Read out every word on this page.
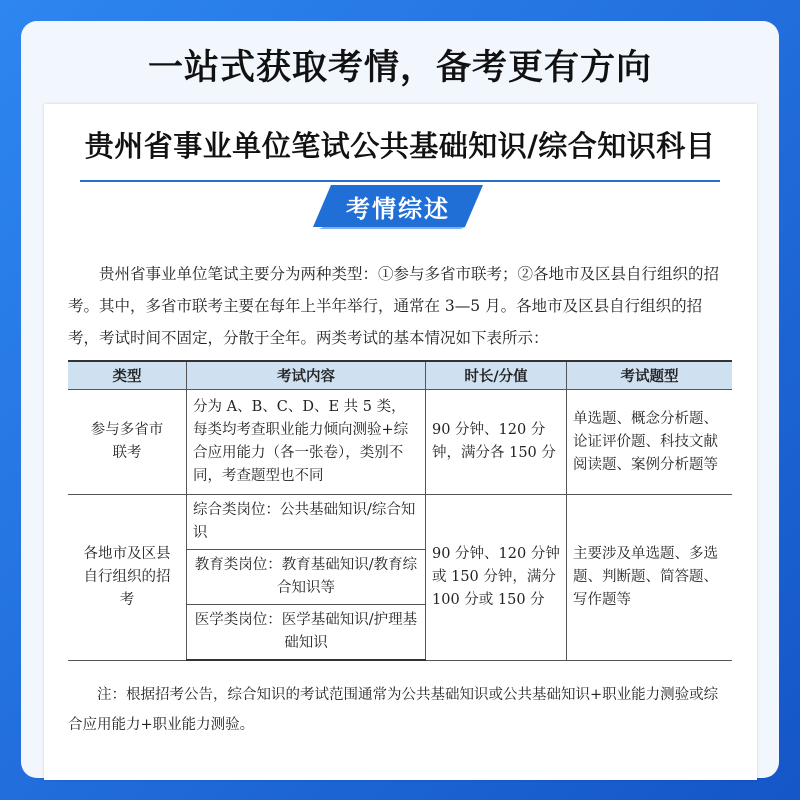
一站式获取考情，备考更有方向
贵州省事业单位笔试公共基础知识/综合知识科目
考情综述

贵州省事业单位笔试主要分为两种类型：①参与多省市联考；②各地市及区县自行组织的招考。其中，多省市联考主要在每年上半年举行，通常在 3—5 月。各地市及区县自行组织的招考，考试时间不固定，分散于全年。两类考试的基本情况如下表所示：

类型	考试内容	时长/分值	考试题型
参与多省市联考	分为 A、B、C、D、E 共 5 类，每类均考查职业能力倾向测验+综合应用能力（各一张卷），类别不同，考查题型也不同	90 分钟、120 分钟，满分各 150 分	单选题、概念分析题、论证评价题、科技文献阅读题、案例分析题等
各地市及区县自行组织的招考	综合类岗位：公共基础知识/综合知识	90 分钟、120 分钟或 150 分钟，满分 100 分或 150 分	主要涉及单选题、多选题、判断题、简答题、写作题等
	教育类岗位：教育基础知识/教育综合知识等		
	医学类岗位：医学基础知识/护理基础知识		

注：根据招考公告，综合知识的考试范围通常为公共基础知识或公共基础知识+职业能力测验或综合应用能力+职业能力测验。
